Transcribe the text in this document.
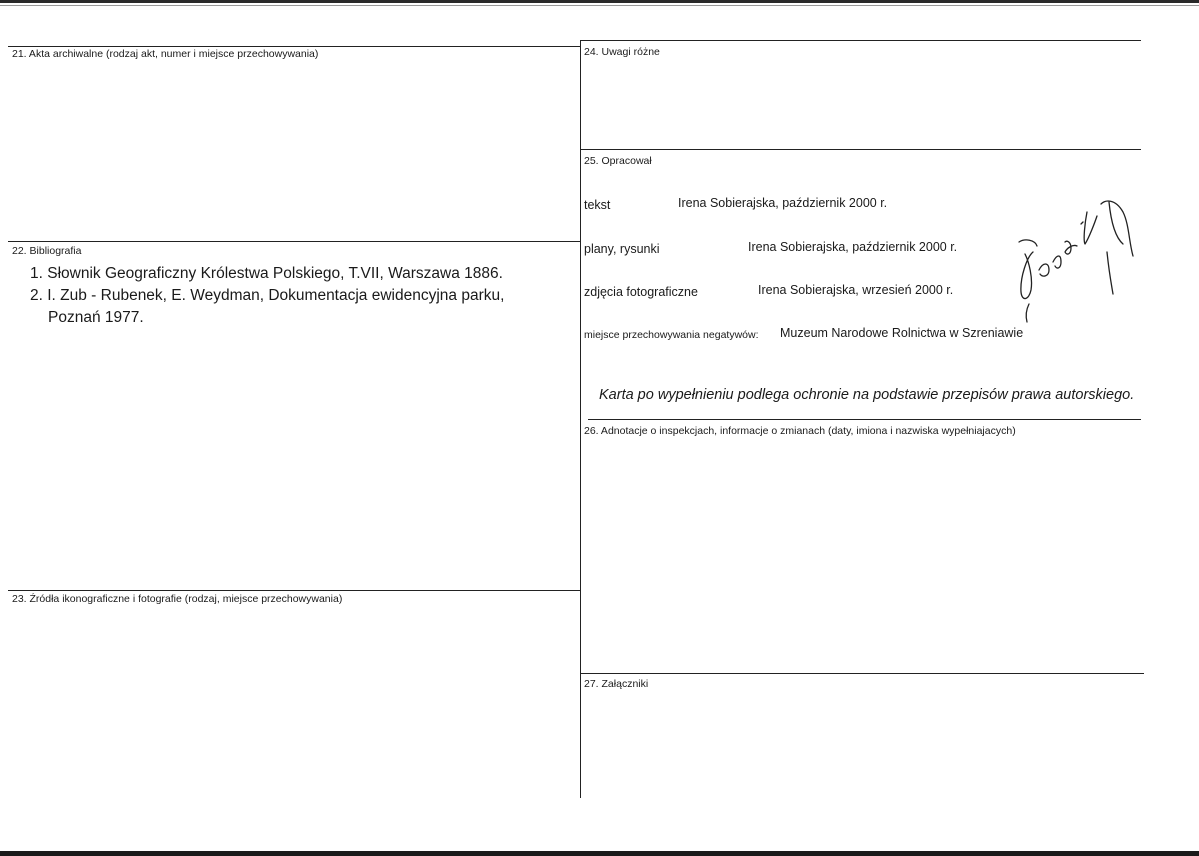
21. Akta archiwalne (rodzaj akt, numer i miejsce przechowywania)
22. Bibliografia
1. Słownik Geograficzny Królestwa Polskiego, T.VII, Warszawa 1886.
2. I. Zub - Rubenek, E. Weydman, Dokumentacja ewidencyjna parku,
Poznań 1977.
23. Źródła ikonograficzne i fotografie (rodzaj, miejsce przechowywania)
24. Uwagi różne
25. Opracował
tekst	Irena Sobierajska, październik 2000 r.
plany, rysunki	Irena Sobierajska, październik 2000 r.
zdjęcia fotograficzne	Irena Sobierajska, wrzesień 2000 r.
miejsce przechowywania negatywów: Muzeum Narodowe Rolnictwa w Szreniawie
Karta po wypełnieniu podlega ochronie na podstawie przepisów prawa autorskiego.
26. Adnotacje o inspekcjach, informacje o zmianach (daty, imiona i nazwiska wypełniajacych)
27. Załączniki
